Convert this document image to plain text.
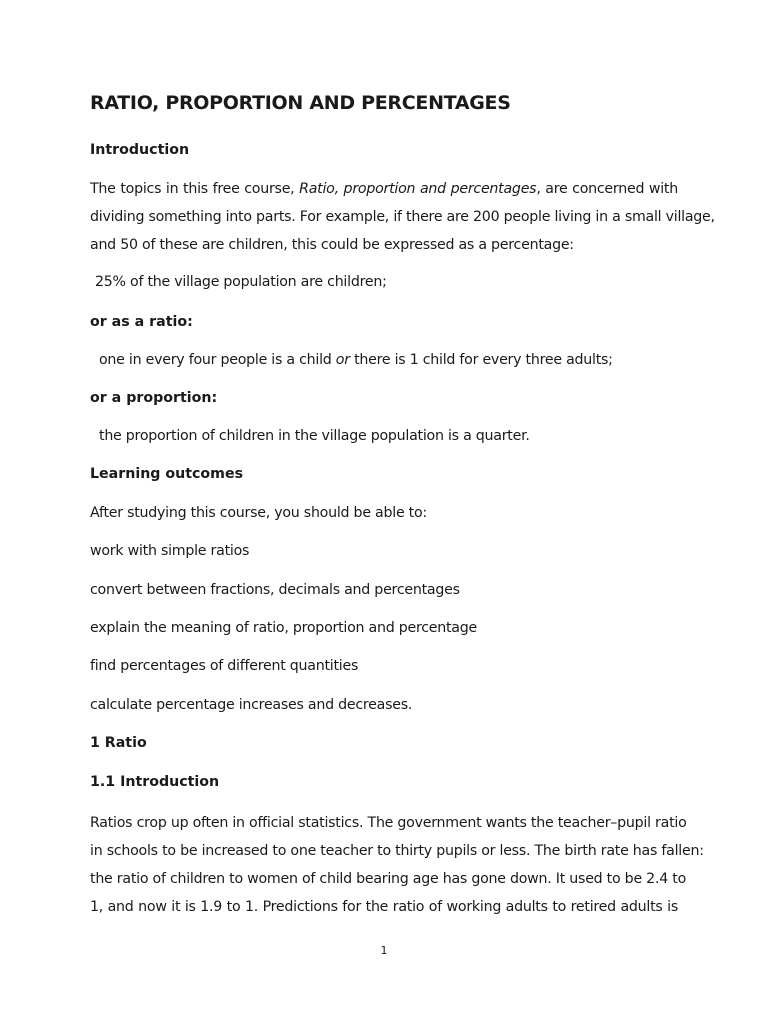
RATIO, PROPORTION AND PERCENTAGES
Introduction
The topics in this free course, Ratio, proportion and percentages, are concerned with
dividing something into parts. For example, if there are 200 people living in a small village,
and 50 of these are children, this could be expressed as a percentage:

25% of the village population are children;

or as a ratio:

one in every four people is a child or there is 1 child for every three adults;

or a proportion:

the proportion of children in the village population is a quarter.

Learning outcomes

After studying this course, you should be able to:

work with simple ratios

convert between fractions, decimals and percentages

explain the meaning of ratio, proportion and percentage

find percentages of different quantities

calculate percentage increases and decreases.

1 Ratio
1.1 Introduction
Ratios crop up often in official statistics. The government wants the teacher–pupil ratio
in schools to be increased to one teacher to thirty pupils or less. The birth rate has fallen:
the ratio of children to women of child bearing age has gone down. It used to be 2.4 to
1, and now it is 1.9 to 1. Predictions for the ratio of working adults to retired adults is

1
